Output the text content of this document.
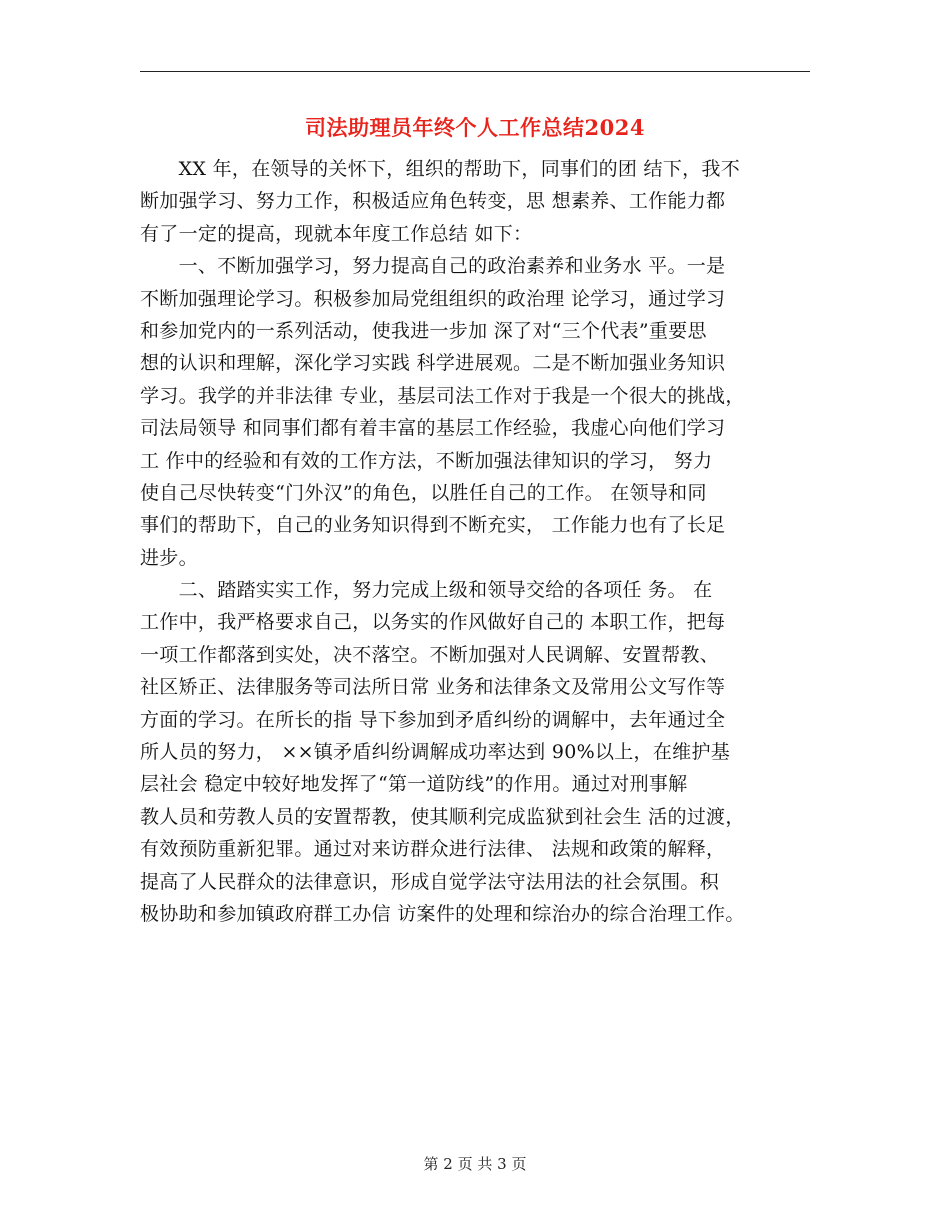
司法助理员年终个人工作总结2024
　　XX 年，在领导的关怀下，组织的帮助下，同事们的团 结下，我不
断加强学习、努力工作，积极适应角色转变，思 想素养、工作能力都
有了一定的提高，现就本年度工作总结 如下：
　　一、不断加强学习，努力提高自己的政治素养和业务水 平。一是
不断加强理论学习。积极参加局党组组织的政治理 论学习，通过学习
和参加党内的一系列活动，使我进一步加 深了对“三个代表”重要思
想的认识和理解，深化学习实践 科学进展观。二是不断加强业务知识
学习。我学的并非法律 专业，基层司法工作对于我是一个很大的挑战，
司法局领导 和同事们都有着丰富的基层工作经验，我虚心向他们学习
工 作中的经验和有效的工作方法，不断加强法律知识的学习， 努力
使自己尽快转变“门外汉”的角色，以胜任自己的工作。 在领导和同
事们的帮助下，自己的业务知识得到不断充实， 工作能力也有了长足
进步。
　　二、踏踏实实工作，努力完成上级和领导交给的各项任 务。 在
工作中，我严格要求自己，以务实的作风做好自己的 本职工作，把每
一项工作都落到实处，决不落空。不断加强对人民调解、安置帮教、
社区矫正、法律服务等司法所日常 业务和法律条文及常用公文写作等
方面的学习。在所长的指 导下参加到矛盾纠纷的调解中，去年通过全
所人员的努力， ××镇矛盾纠纷调解成功率达到 90%以上，在维护基
层社会 稳定中较好地发挥了“第一道防线”的作用。通过对刑事解
教人员和劳教人员的安置帮教，使其顺利完成监狱到社会生 活的过渡，
有效预防重新犯罪。通过对来访群众进行法律、 法规和政策的解释，
提高了人民群众的法律意识，形成自觉学法守法用法的社会氛围。积
极协助和参加镇政府群工办信 访案件的处理和综治办的综合治理工作。
第 2 页 共 3 页
